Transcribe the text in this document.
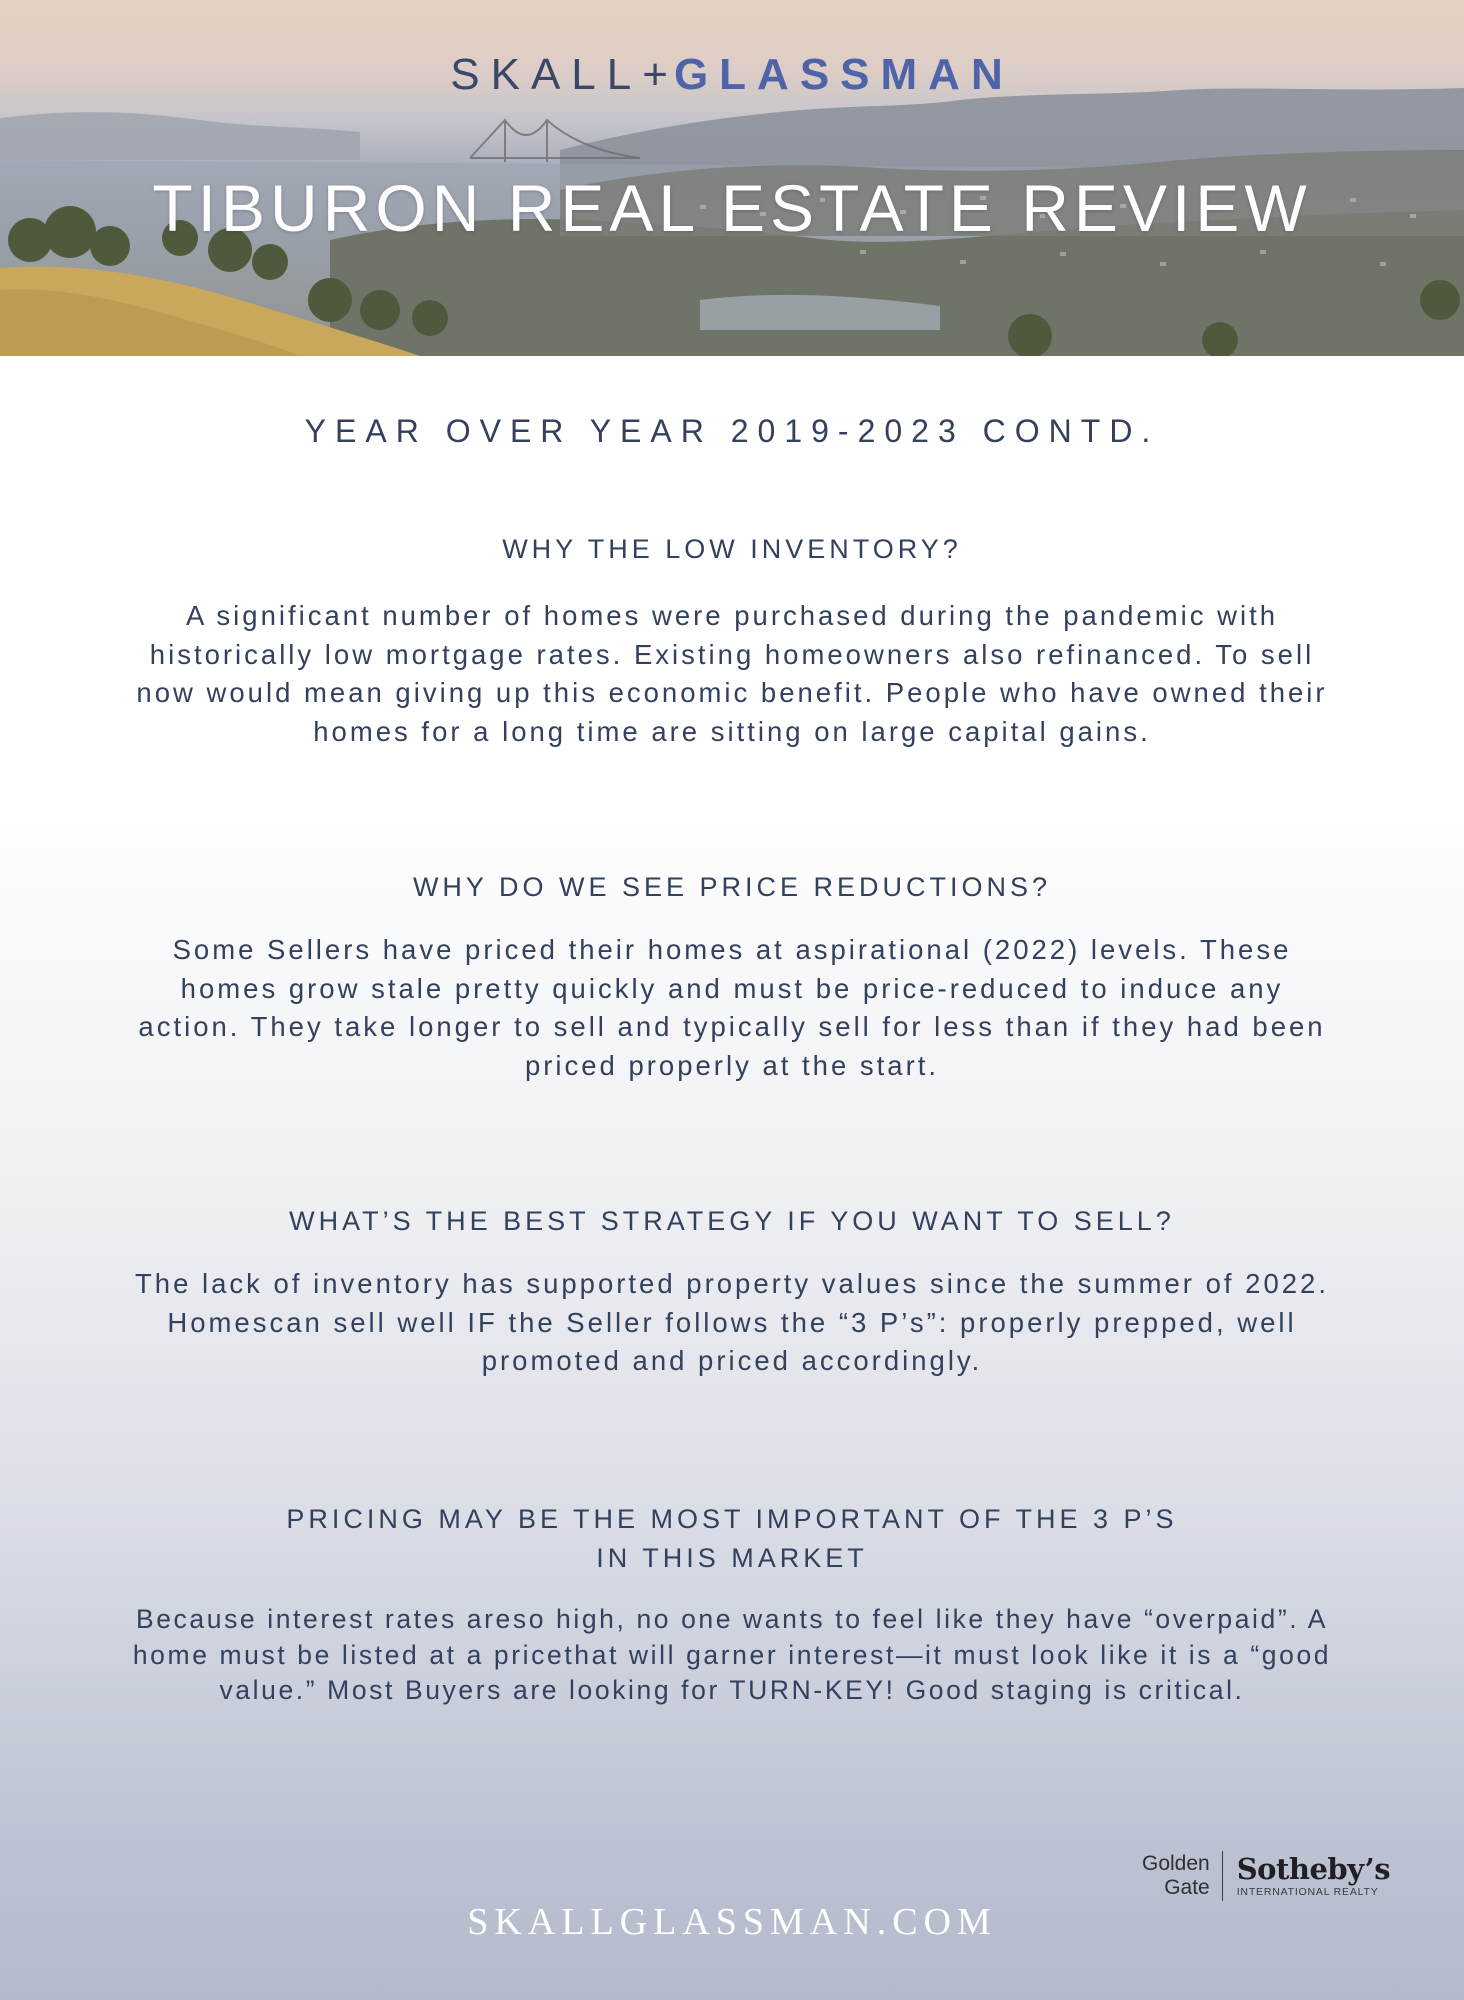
SKALL+GLASSMAN
TIBURON REAL ESTATE REVIEW
YEAR OVER YEAR 2019-2023 CONTD.

WHY THE LOW INVENTORY?

A significant number of homes were purchased during the pandemic with historically low mortgage rates. Existing homeowners also refinanced. To sell now would mean giving up this economic benefit. People who have owned their homes for a long time are sitting on large capital gains.

WHY DO WE SEE PRICE REDUCTIONS?

Some Sellers have priced their homes at aspirational (2022) levels. These homes grow stale pretty quickly and must be price-reduced to induce any action. They take longer to sell and typically sell for less than if they had been priced properly at the start.

WHAT’S THE BEST STRATEGY IF YOU WANT TO SELL?

The lack of inventory has supported property values since the summer of 2022. Homescan sell well IF the Seller follows the “3 P’s”: properly prepped, well promoted and priced accordingly.

PRICING MAY BE THE MOST IMPORTANT OF THE 3 P’S

IN THIS MARKET

Because interest rates areso high, no one wants to feel like they have “overpaid”. A home must be listed at a pricethat will garner interest—it must look like it is a “good value.” Most Buyers are looking for TURN-KEY! Good staging is critical.

Golden
Gate
Sotheby’s
INTERNATIONAL REALTY
SKALLGLASSMAN.COM
